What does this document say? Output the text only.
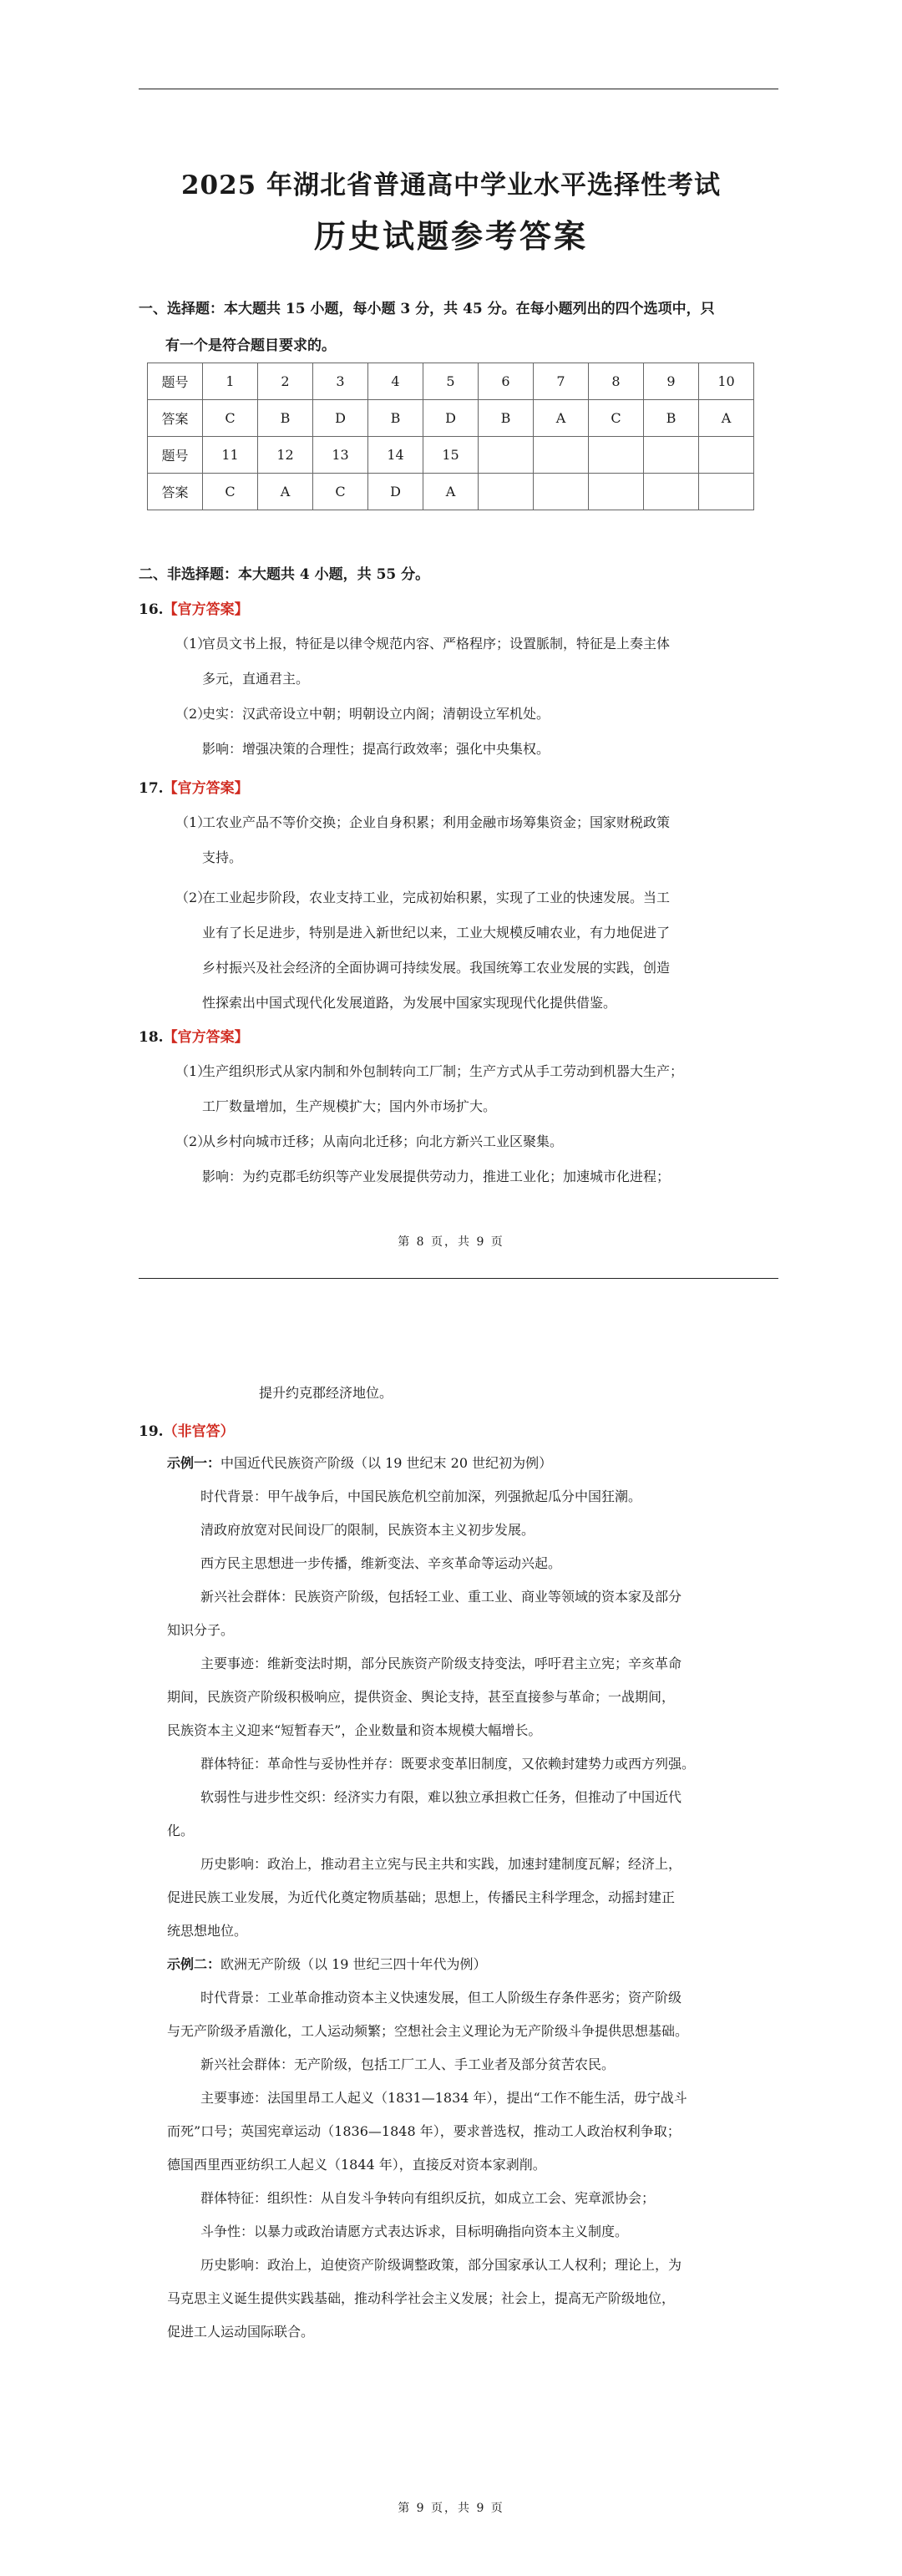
2025 年湖北省普通高中学业水平选择性考试
历史试题参考答案
一、选择题：本大题共 15 小题，每小题 3 分，共 45 分。在每小题列出的四个选项中，只
有一个是符合题目要求的。
题号	1	2	3	4	5	6	7	8	9	10
答案	C	B	D	B	D	B	A	C	B	A
题号	11	12	13	14	15					
答案	C	A	C	D	A					
二、非选择题：本大题共 4 小题，共 55 分。
16.【官方答案】
（1）官员文书上报，特征是以律令规范内容、严格程序；设置脈制，特征是上奏主体
多元，直通君主。
（2）史实：汉武帝设立中朝；明朝设立内阁；清朝设立军机处。
影响：增强决策的合理性；提高行政效率；强化中央集权。
17.【官方答案】
（1）工农业产品不等价交换；企业自身积累；利用金融市场筹集资金；国家财税政策
支持。
（2）在工业起步阶段，农业支持工业，完成初始积累，实现了工业的快速发展。当工
业有了长足进步，特别是进入新世纪以来，工业大规模反哺农业，有力地促进了
乡村振兴及社会经济的全面协调可持续发展。我国统筹工农业发展的实践，创造
性探索出中国式现代化发展道路，为发展中国家实现现代化提供借鉴。
18.【官方答案】
（1）生产组织形式从家内制和外包制转向工厂制；生产方式从手工劳动到机器大生产；
工厂数量增加，生产规模扩大；国内外市场扩大。
（2）从乡村向城市迁移；从南向北迁移；向北方新兴工业区聚集。
影响：为约克郡毛纺织等产业发展提供劳动力，推进工业化；加速城市化进程；
第 8 页，共 9 页
提升约克郡经济地位。
19.（非官答）
示例一：中国近代民族资产阶级（以 19 世纪末 20 世纪初为例）
时代背景：甲午战争后，中国民族危机空前加深，列强掀起瓜分中国狂潮。
清政府放宽对民间设厂的限制，民族资本主义初步发展。
西方民主思想进一步传播，维新变法、辛亥革命等运动兴起。
新兴社会群体：民族资产阶级，包括轻工业、重工业、商业等领域的资本家及部分
知识分子。
主要事迹：维新变法时期，部分民族资产阶级支持变法，呼吁君主立宪；辛亥革命
期间，民族资产阶级积极响应，提供资金、舆论支持，甚至直接参与革命；一战期间，
民族资本主义迎来“短暂春天”，企业数量和资本规模大幅增长。
群体特征：革命性与妥协性并存：既要求变革旧制度，又依赖封建势力或西方列强。
软弱性与进步性交织：经济实力有限，难以独立承担救亡任务，但推动了中国近代
化。
历史影响：政治上，推动君主立宪与民主共和实践，加速封建制度瓦解；经济上，
促进民族工业发展，为近代化奠定物质基础；思想上，传播民主科学理念，动摇封建正
统思想地位。
示例二：欧洲无产阶级（以 19 世纪三四十年代为例）
时代背景：工业革命推动资本主义快速发展，但工人阶级生存条件恶劣；资产阶级
与无产阶级矛盾激化，工人运动频繁；空想社会主义理论为无产阶级斗争提供思想基础。
新兴社会群体：无产阶级，包括工厂工人、手工业者及部分贫苦农民。
主要事迹：法国里昂工人起义（1831—1834 年），提出“工作不能生活，毋宁战斗
而死”口号；英国宪章运动（1836—1848 年），要求普选权，推动工人政治权利争取；
德国西里西亚纺织工人起义（1844 年），直接反对资本家剥削。
群体特征：组织性：从自发斗争转向有组织反抗，如成立工会、宪章派协会；
斗争性：以暴力或政治请愿方式表达诉求，目标明确指向资本主义制度。
历史影响：政治上，迫使资产阶级调整政策，部分国家承认工人权利；理论上，为
马克思主义诞生提供实践基础，推动科学社会主义发展；社会上，提高无产阶级地位，
促进工人运动国际联合。
第 9 页，共 9 页
